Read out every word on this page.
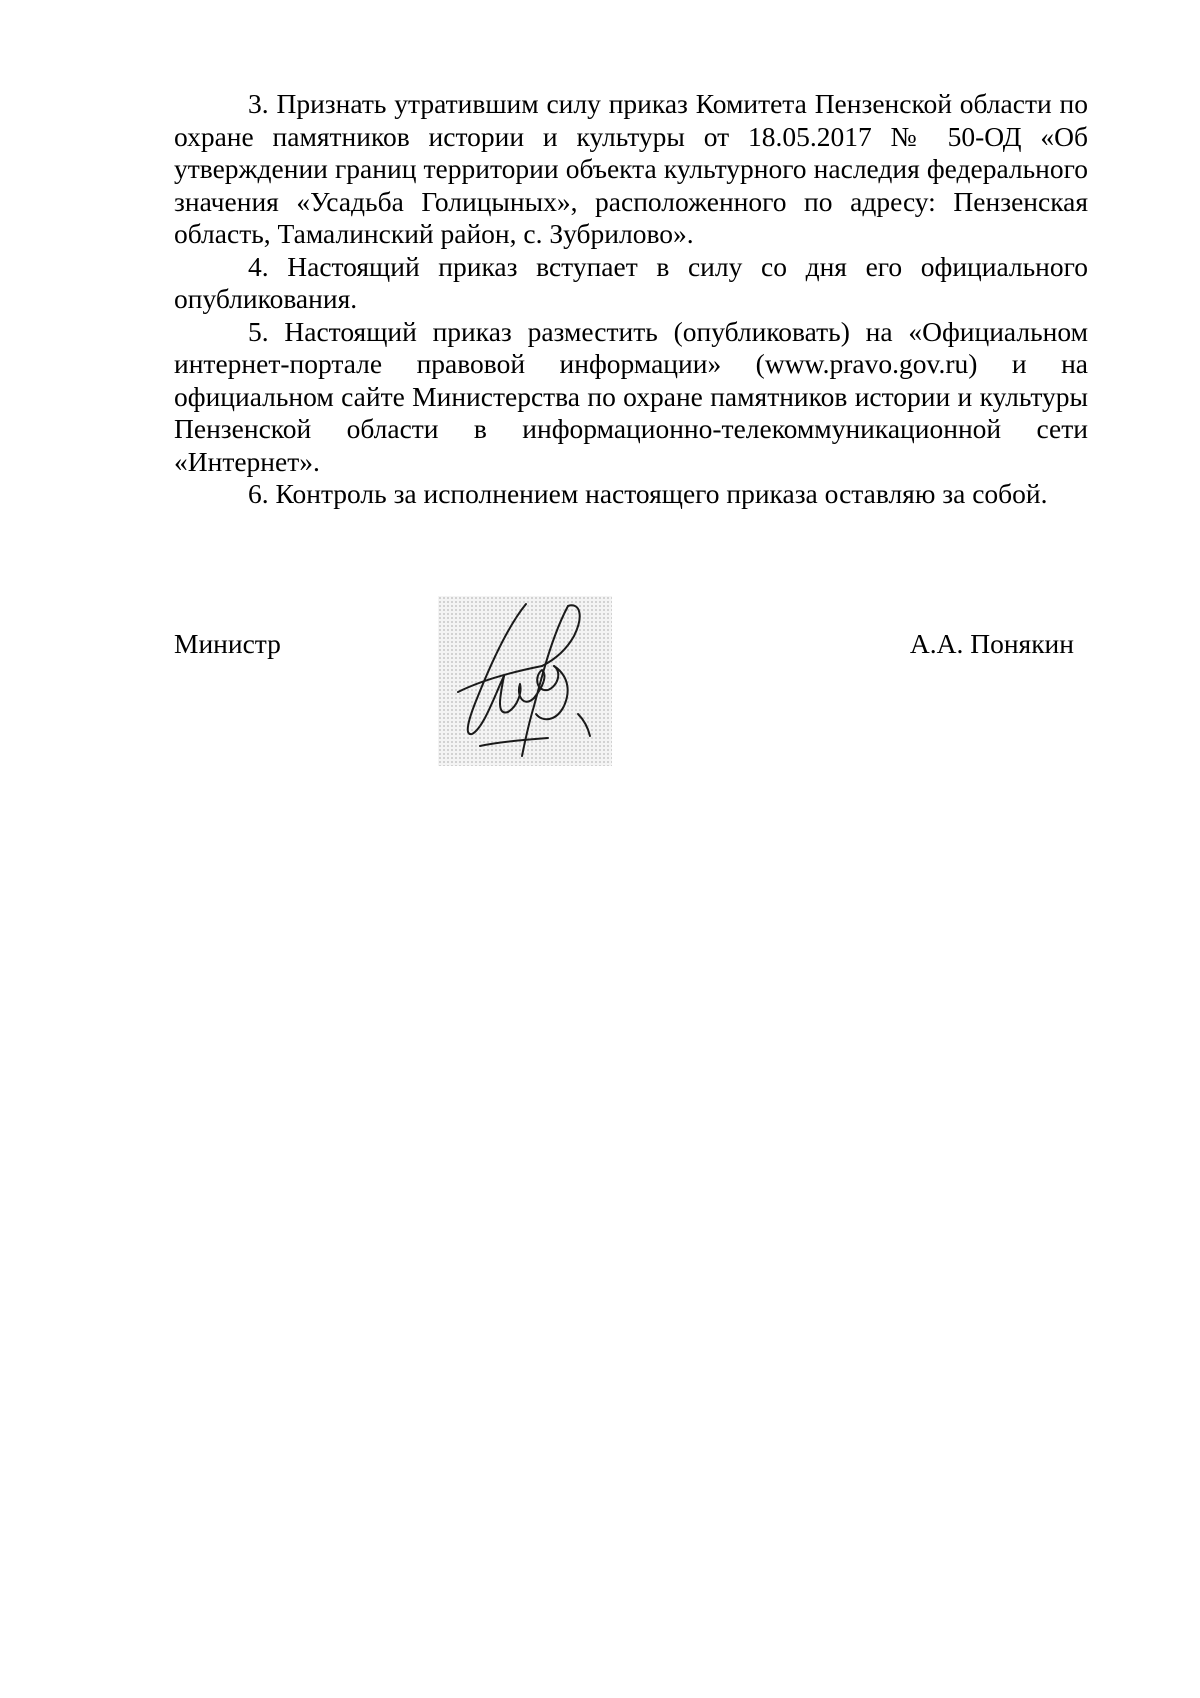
3. Признать утратившим силу приказ Комитета Пензенской области по охране памятников истории и культуры от 18.05.2017 № 50-ОД «Об утверждении границ территории объекта культурного наследия федерального значения «Усадьба Голицыных», расположенного по адресу: Пензенская область, Тамалинский район, с. Зубрилово».

4. Настоящий приказ вступает в силу со дня его официального опубликования.

5. Настоящий приказ разместить (опубликовать) на «Официальном интернет-портале правовой информации» (www.pravo.gov.ru) и на официальном сайте Министерства по охране памятников истории и культуры Пензенской области в информационно-телекоммуникационной сети «Интернет».

6. Контроль за исполнением настоящего приказа оставляю за собой.

Министр	А.А. Понякин
